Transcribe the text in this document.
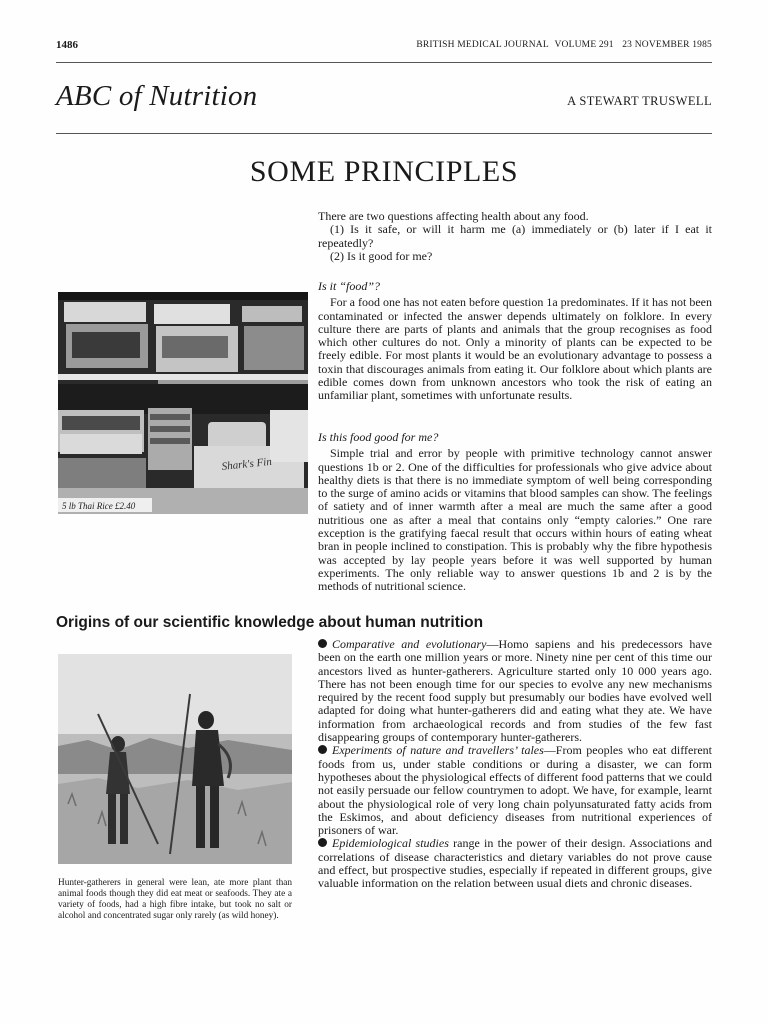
1486	BRITISH MEDICAL JOURNAL VOLUME 291 23 NOVEMBER 1985
ABC of Nutrition	A STEWART TRUSWELL
SOME PRINCIPLES

There are two questions affecting health about any food.

(1) Is it safe, or will it harm me (a) immediately or (b) later if I eat it repeatedly?

(2) Is it good for me?

Is it “food”?

For a food one has not eaten before question 1a predominates. If it has not been contaminated or infected the answer depends ultimately on folklore. In every culture there are parts of plants and animals that the group recognises as food which other cultures do not. Only a minority of plants can be expected to be freely edible. For most plants it would be an evolutionary advantage to possess a toxin that discourages animals from eating it. Our folklore about which plants are edible comes down from unknown ancestors who took the risk of eating an unfamiliar plant, sometimes with unfortunate results.

Is this food good for me?

Simple trial and error by people with primitive technology cannot answer questions 1b or 2. One of the difficulties for professionals who give advice about healthy diets is that there is no immediate symptom of well being corresponding to the surge of amino acids or vitamins that blood samples can show. The feelings of satiety and of inner warmth after a meal are much the same after a good nutritious one as after a meal that contains only “empty calories.” One rare exception is the gratifying faecal result that occurs within hours of eating wheat bran in people inclined to constipation. This is probably why the fibre hypothesis was accepted by lay people years before it was well supported by human experiments. The only reliable way to answer questions 1b and 2 is by the methods of nutritional science.

5 lb Thai Rice £2.40
Shark's Fin
Origins of our scientific knowledge about human nutrition

Comparative and evolutionary—Homo sapiens and his predecessors have been on the earth one million years or more. Ninety nine per cent of this time our ancestors lived as hunter-gatherers. Agriculture started only 10 000 years ago. There has not been enough time for our species to evolve any new mechanisms required by the recent food supply but presumably our bodies have evolved well adapted for doing what hunter-gatherers did and eating what they ate. We have information from archaeological records and from studies of the few fast disappearing groups of contemporary hunter-gatherers.

Experiments of nature and travellers’ tales—From peoples who eat different foods from us, under stable conditions or during a disaster, we can form hypotheses about the physiological effects of different food patterns that we could not easily persuade our fellow countrymen to adopt. We have, for example, learnt about the physiological role of very long chain polyunsaturated fatty acids from the Eskimos, and about deficiency diseases from nutritional experiences of prisoners of war.

Epidemiological studies range in the power of their design. Associations and correlations of disease characteristics and dietary variables do not prove cause and effect, but prospective studies, especially if repeated in different groups, give valuable information on the relation between usual diets and chronic diseases.

Hunter-gatherers in general were lean, ate more plant than animal foods though they did eat meat or seafoods. They ate a variety of foods, had a high fibre intake, but took no salt or alcohol and concentrated sugar only rarely (as wild honey).
